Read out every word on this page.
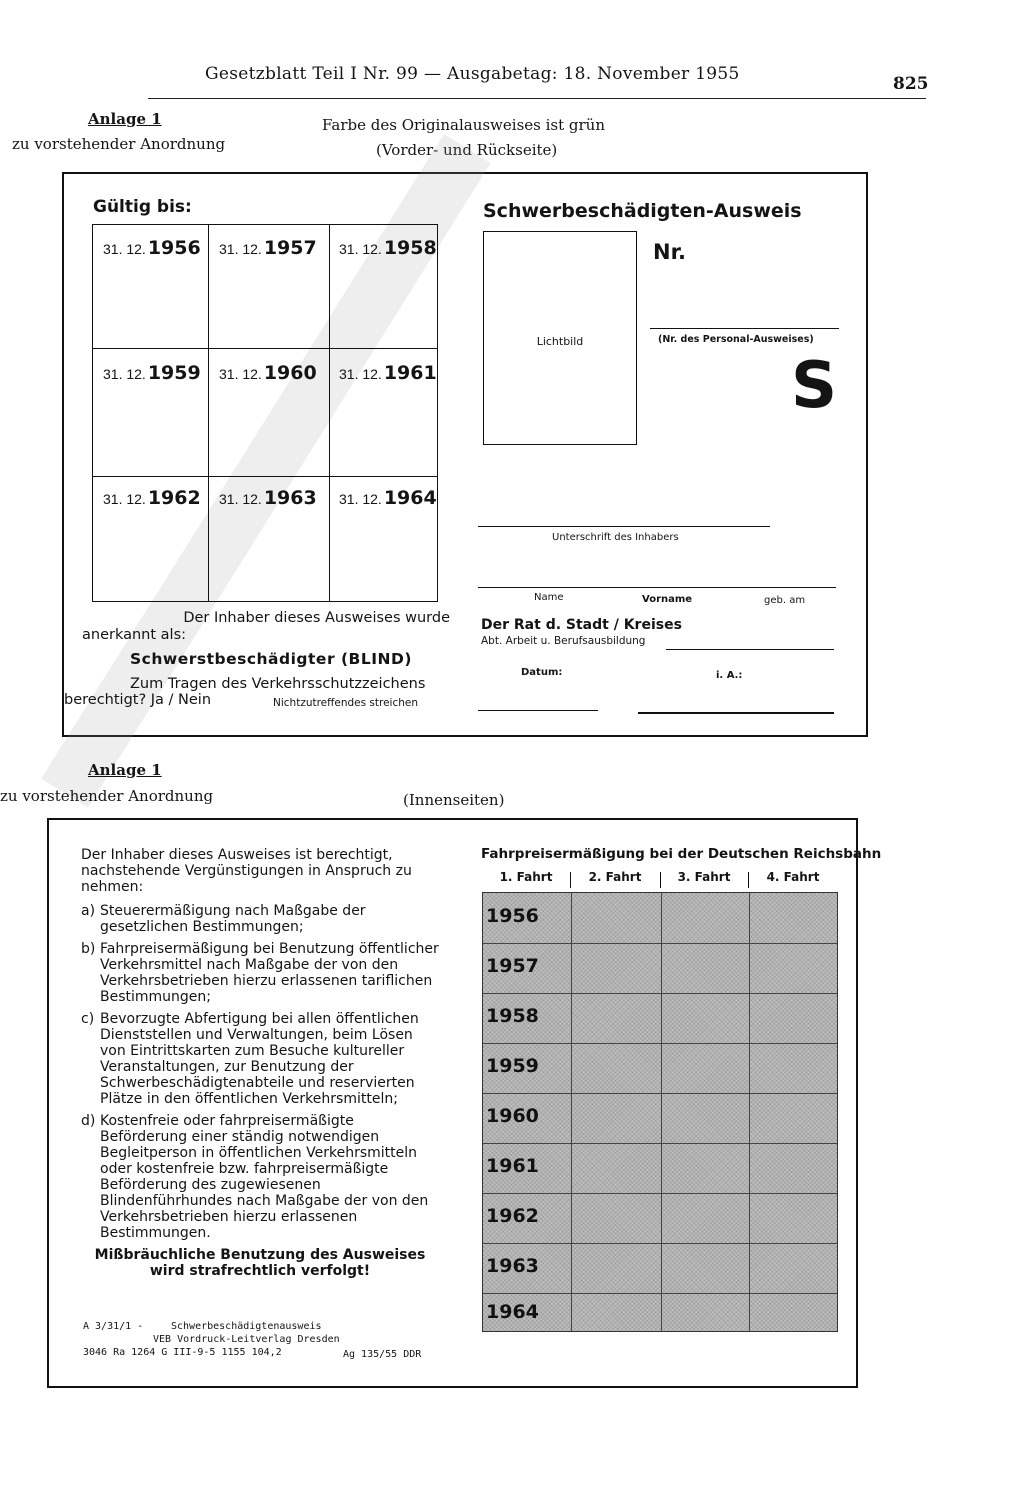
Gesetzblatt Teil I Nr. 99 — Ausgabetag: 18. November 1955	825
Anlage 1
zu vorstehender Anordnung
Farbe des Originalausweises ist grün
(Vorder- und Rückseite)
Gültig bis:
31. 12. 1956 31. 12. 1957 31. 12. 1958
31. 12. 1959 31. 12. 1960 31. 12. 1961
31. 12. 1962 31. 12. 1963 31. 12. 1964
Der Inhaber dieses Ausweises wurde
anerkannt als:
Schwerstbeschädigter (BLIND)
Zum Tragen des Verkehrsschutzzeichens
berechtigt? Ja / Nein	Nichtzutreffendes streichen
Schwerbeschädigten-Ausweis
Lichtbild
Nr.
(Nr. des Personal-Ausweises)
S
Unterschrift des Inhabers
Name	Vorname	geb. am
Der Rat d. Stadt / Kreises
Abt. Arbeit u. Berufsausbildung
Datum:	i. A.:
Anlage 1
zu vorstehender Anordnung	(Innenseiten)

Der Inhaber dieses Ausweises ist berechtigt, nachstehende Vergünstigungen in Anspruch zu nehmen:

a) Steuerermäßigung nach Maßgabe der gesetzlichen Bestimmungen;
b) Fahrpreisermäßigung bei Benutzung öffentlicher Verkehrsmittel nach Maßgabe der von den Verkehrsbetrieben hierzu erlassenen tariflichen Bestimmungen;
c) Bevorzugte Abfertigung bei allen öffentlichen Dienststellen und Verwaltungen, beim Lösen von Eintrittskarten zum Besuche kultureller Veranstaltungen, zur Benutzung der Schwerbeschädigtenabteile und reservierten Plätze in den öffentlichen Verkehrsmitteln;
d) Kostenfreie oder fahrpreisermäßigte Beförderung einer ständig notwendigen Begleitperson in öffentlichen Verkehrsmitteln oder kostenfreie bzw. fahrpreisermäßigte Beförderung des zugewiesenen Blindenführhundes nach Maßgabe der von den Verkehrsbetrieben hierzu erlassenen Bestimmungen.
Mißbräuchliche Benutzung des Ausweises
wird strafrechtlich verfolgt!
A 3/31/1 -	Schwerbeschädigtenausweis
VEB Vordruck-Leitverlag Dresden
3046 Ra 1264 G III-9-5 1155 104,2	Ag 135/55 DDR
Fahrpreisermäßigung bei der Deutschen Reichsbahn
1. Fahrt	2. Fahrt	3. Fahrt	4. Fahrt
1956
1957
1958
1959
1960
1961
1962
1963
1964
